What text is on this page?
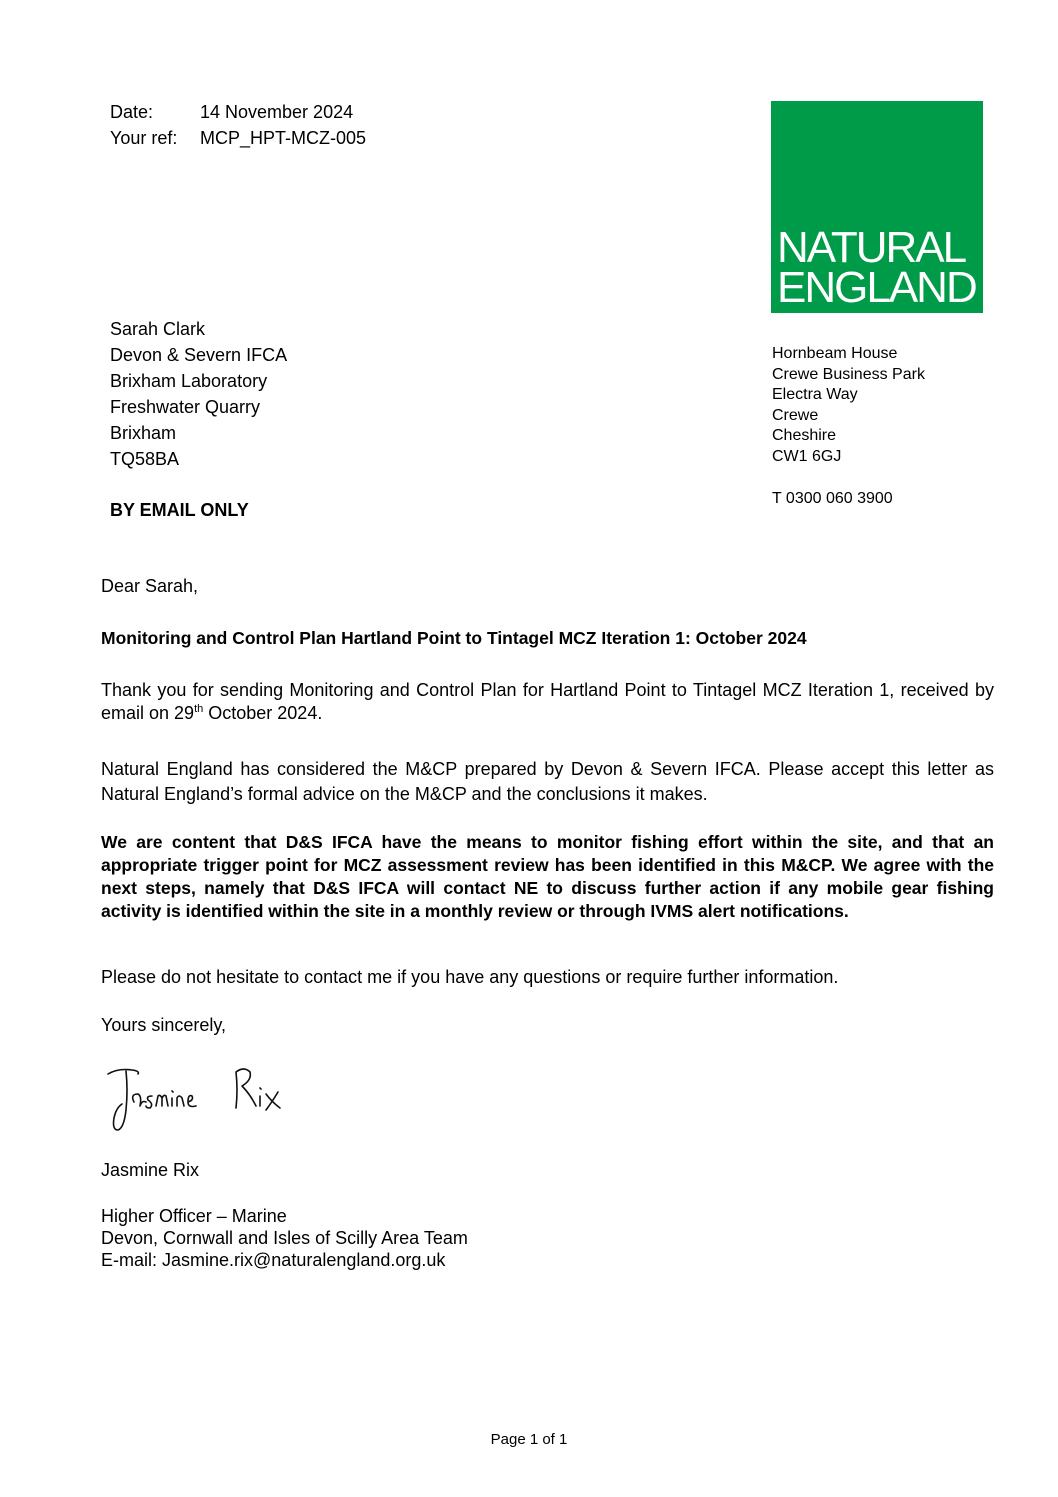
Date:	14 November 2024
Your ref:	MCP_HPT-MCZ-005
NATURAL
ENGLAND
Sarah Clark
Devon & Severn IFCA
Brixham Laboratory
Freshwater Quarry
Brixham
TQ58BA
Hornbeam House
Crewe Business Park
Electra Way
Crewe
Cheshire
CW1 6GJ
T 0300 060 3900
BY EMAIL ONLY
Dear Sarah,
Monitoring and Control Plan Hartland Point to Tintagel MCZ Iteration 1: October 2024
Thank you for sending Monitoring and Control Plan for Hartland Point to Tintagel MCZ Iteration 1, received by email on 29th October 2024.
Natural England has considered the M&CP prepared by Devon & Severn IFCA. Please accept this letter as Natural England’s formal advice on the M&CP and the conclusions it makes.
We are content that D&S IFCA have the means to monitor fishing effort within the site, and that an appropriate trigger point for MCZ assessment review has been identified in this M&CP. We agree with the next steps, namely that D&S IFCA will contact NE to discuss further action if any mobile gear fishing activity is identified within the site in a monthly review or through IVMS alert notifications.
Please do not hesitate to contact me if you have any questions or require further information.
Yours sincerely,
Jasmine Rix
Higher Officer – Marine
Devon, Cornwall and Isles of Scilly Area Team
E-mail: Jasmine.rix@naturalengland.org.uk
Page 1 of 1
